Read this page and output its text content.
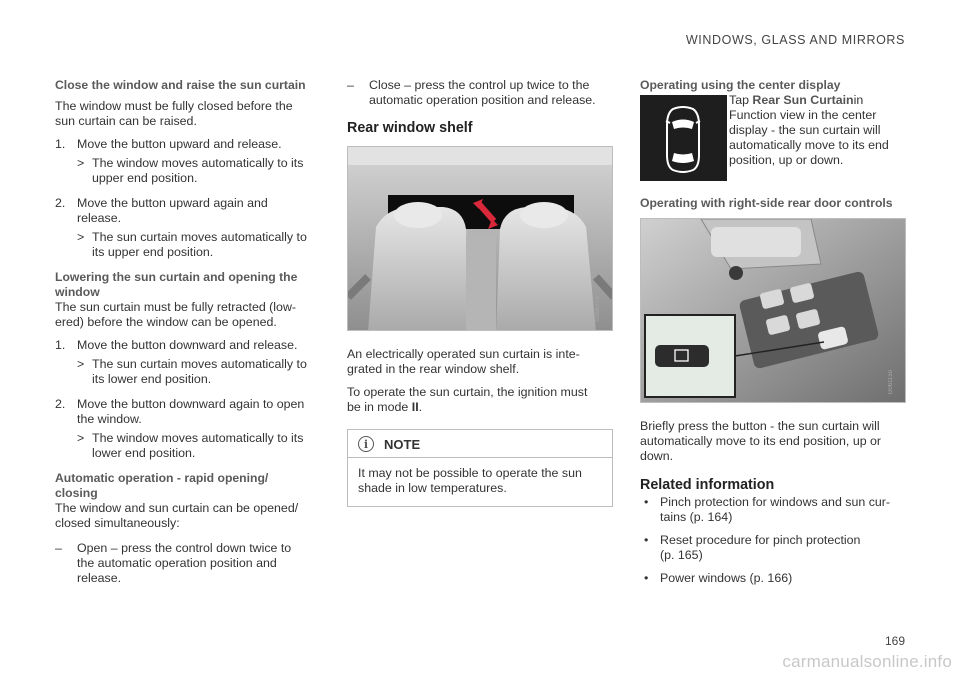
WINDOWS, GLASS AND MIRRORS
Close the window and raise the sun curtain

The window must be fully closed before the
sun curtain can be raised.

1. Move the button upward and release.
> The window moves automatically to its
upper end position.
2. Move the button upward again and
release.
> The sun curtain moves automatically to
its upper end position.
Lowering the sun curtain and opening the
window

The sun curtain must be fully retracted (low-
ered) before the window can be opened.

1. Move the button downward and release.
> The sun curtain moves automatically to
its lower end position.
2. Move the button downward again to open
the window.
> The window moves automatically to its
lower end position.
Automatic operation - rapid opening/
closing

The window and sun curtain can be opened/
closed simultaneously:

–	Open – press the control down twice to
the automatic operation position and
release.
–	Close – press the control up twice to the
automatic operation position and release.
Rear window shelf
G066773

An electrically operated sun curtain is inte-
grated in the rear window shelf.

To operate the sun curtain, the ignition must
be in mode II.

i	NOTE
It may not be possible to operate the sun
shade in low temperatures.
Operating using the center display
Tap Rear Sun Curtainin
Function view in the center
display - the sun curtain will
automatically move to its end
position, up or down.
Operating with right-side rear door controls
G061150

Briefly press the button - the sun curtain will
automatically move to its end position, up or
down.

Related information
• Pinch protection for windows and sun cur-
tains (p. 164)
• Reset procedure for pinch protection
(p. 165)
• Power windows (p. 166)
169
carmanualsonline.info
